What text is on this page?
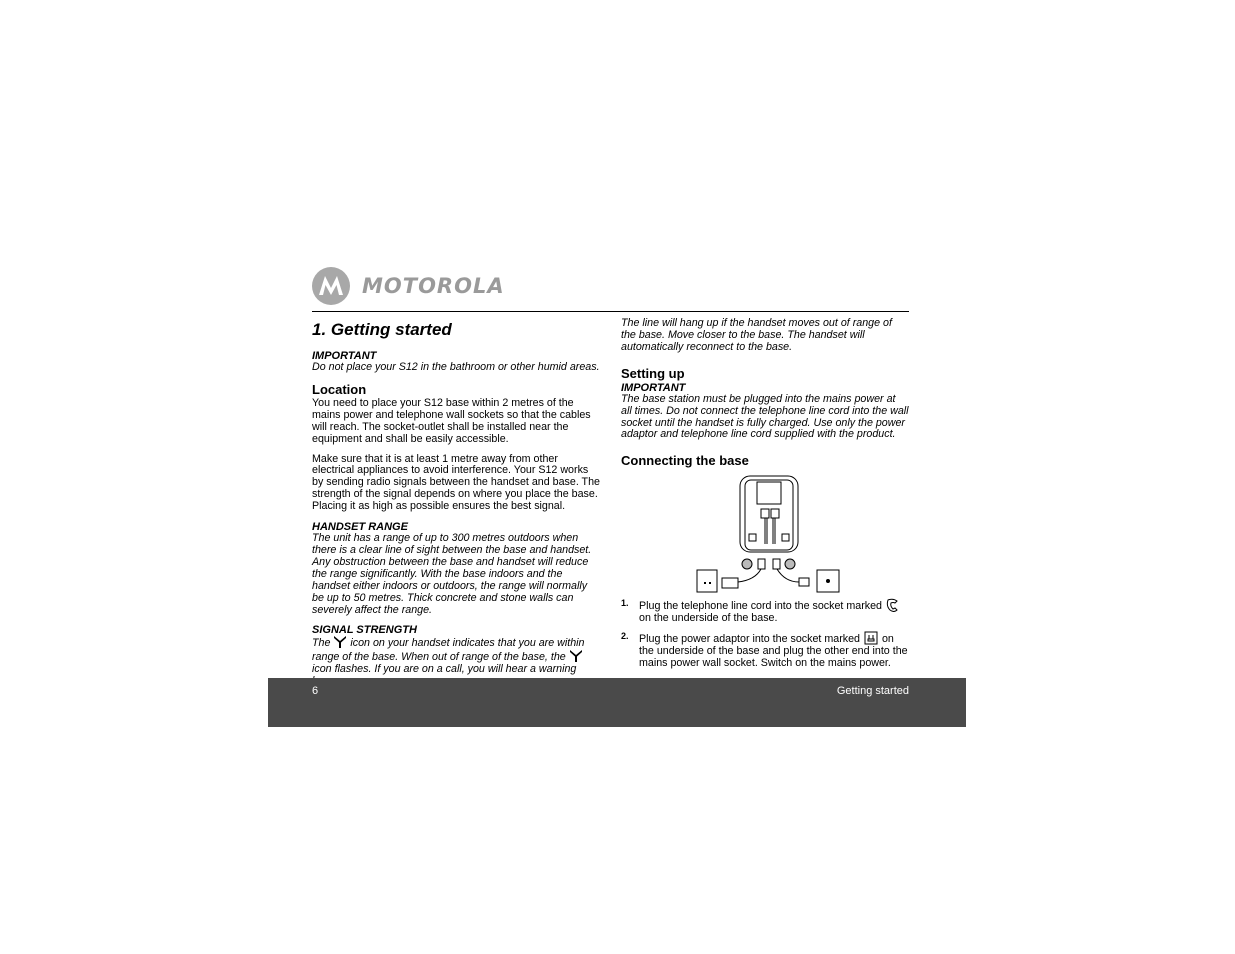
MOTOROLA
1. Getting started
IMPORTANT

Do not place your S12 in the bathroom or other humid areas.

Location

You need to place your S12 base within 2 metres of the mains power and telephone wall sockets so that the cables will reach. The socket-outlet shall be installed near the equipment and shall be easily accessible.

Make sure that it is at least 1 metre away from other electrical appliances to avoid interference. Your S12 works by sending radio signals between the handset and base. The strength of the signal depends on where you place the base. Placing it as high as possible ensures the best signal.

HANDSET RANGE

The unit has a range of up to 300 metres outdoors when there is a clear line of sight between the base and handset. Any obstruction between the base and handset will reduce the range significantly. With the base indoors and the handset either indoors or outdoors, the range will normally be up to 50 metres. Thick concrete and stone walls can severely affect the range.

SIGNAL STRENGTH

The icon on your handset indicates that you are within range of the base. When out of range of the base, the  icon flashes. If you are on a call, you will hear a warning

The line will hang up if the handset moves out of range of the base. Move closer to the base. The handset will automatically reconnect to the base.

Setting up
IMPORTANT

The base station must be plugged into the mains power at all times. Do not connect the telephone line cord into the wall socket until the handset is fully charged. Use only the power adaptor and telephone line cord supplied with the product.

Connecting the base
1. Plug the telephone line cord into the socket marked  on the underside of the base.
2. Plug the power adaptor into the socket marked on the underside of the base and plug the other end into the mains power wall socket. Switch on the mains power.
6	Getting started
